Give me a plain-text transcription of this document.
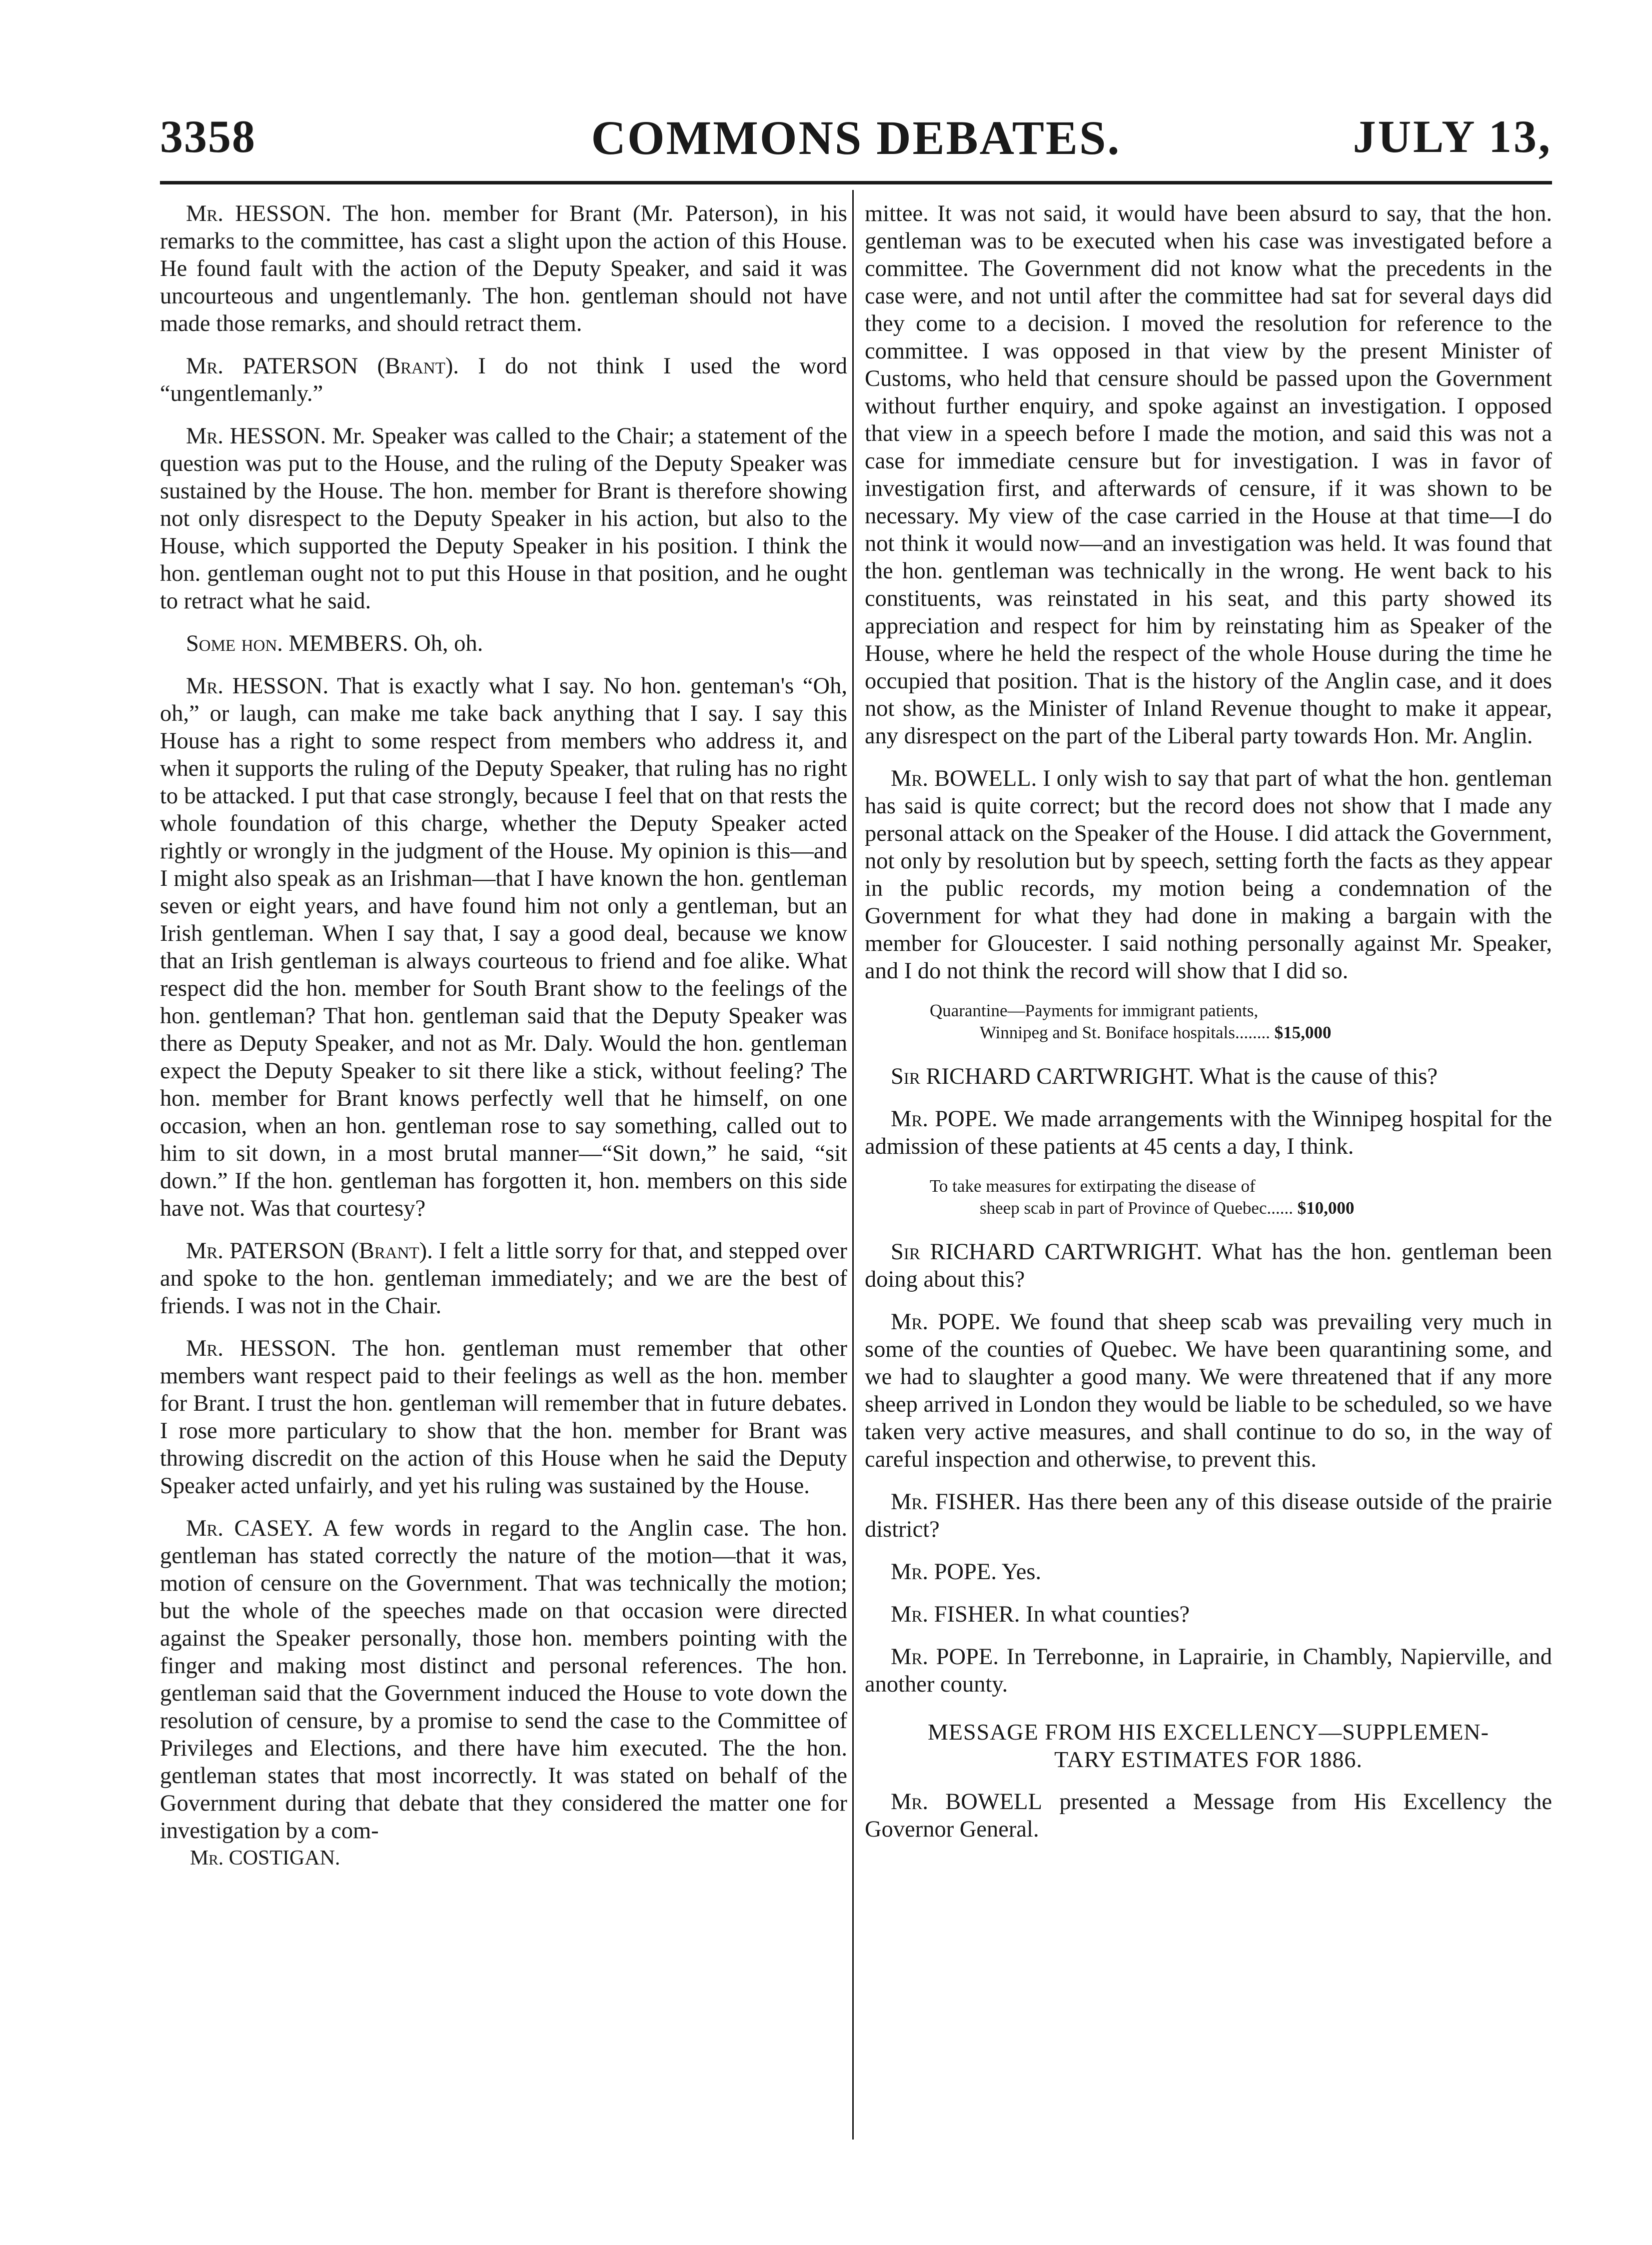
3358	COMMONS DEBATES.	JULY 13,

Mr. HESSON. The hon. member for Brant (Mr. Paterson), in his remarks to the committee, has cast a slight upon the action of this House. He found fault with the action of the Deputy Speaker, and said it was uncourteous and ungentlemanly. The hon. gentleman should not have made those remarks, and should retract them.

Mr. PATERSON (Brant). I do not think I used the word “ungentlemanly.”

Mr. HESSON. Mr. Speaker was called to the Chair; a statement of the question was put to the House, and the ruling of the Deputy Speaker was sustained by the House. The hon. member for Brant is therefore showing not only disrespect to the Deputy Speaker in his action, but also to the House, which supported the Deputy Speaker in his position. I think the hon. gentleman ought not to put this House in that position, and he ought to retract what he said.

Some hon. MEMBERS. Oh, oh.

Mr. HESSON. That is exactly what I say. No hon. genteman's “Oh, oh,” or laugh, can make me take back anything that I say. I say this House has a right to some respect from members who address it, and when it supports the ruling of the Deputy Speaker, that ruling has no right to be attacked. I put that case strongly, because I feel that on that rests the whole foundation of this charge, whether the Deputy Speaker acted rightly or wrongly in the judgment of the House. My opinion is this—and I might also speak as an Irishman—that I have known the hon. gentleman seven or eight years, and have found him not only a gentleman, but an Irish gentleman. When I say that, I say a good deal, because we know that an Irish gentleman is always courteous to friend and foe alike. What respect did the hon. member for South Brant show to the feelings of the hon. gentleman? That hon. gentleman said that the Deputy Speaker was there as Deputy Speaker, and not as Mr. Daly. Would the hon. gentleman expect the Deputy Speaker to sit there like a stick, without feeling? The hon. member for Brant knows perfectly well that he himself, on one occasion, when an hon. gentleman rose to say something, called out to him to sit down, in a most brutal manner—“Sit down,” he said, “sit down.” If the hon. gentleman has forgotten it, hon. members on this side have not. Was that courtesy?

Mr. PATERSON (Brant). I felt a little sorry for that, and stepped over and spoke to the hon. gentleman immediately; and we are the best of friends. I was not in the Chair.

Mr. HESSON. The hon. gentleman must remember that other members want respect paid to their feelings as well as the hon. member for Brant. I trust the hon. gentleman will remember that in future debates. I rose more particulary to show that the hon. member for Brant was throwing discredit on the action of this House when he said the Deputy Speaker acted unfairly, and yet his ruling was sustained by the House.

Mr. CASEY. A few words in regard to the Anglin case. The hon. gentleman has stated correctly the nature of the motion—that it was, motion of censure on the Government. That was technically the motion; but the whole of the speeches made on that occasion were directed against the Speaker personally, those hon. members pointing with the finger and making most distinct and personal references. The hon. gentleman said that the Government induced the House to vote down the resolution of censure, by a promise to send the case to the Committee of Privileges and Elections, and there have him executed. The the hon. gentleman states that most incorrectly. It was stated on behalf of the Government during that debate that they considered the matter one for investigation by a com-

Mr. COSTIGAN.

mittee. It was not said, it would have been absurd to say, that the hon. gentleman was to be executed when his case was investigated before a committee. The Government did not know what the precedents in the case were, and not until after the committee had sat for several days did they come to a decision. I moved the resolution for reference to the committee. I was opposed in that view by the present Minister of Customs, who held that censure should be passed upon the Government without further enquiry, and spoke against an investigation. I opposed that view in a speech before I made the motion, and said this was not a case for immediate censure but for investigation. I was in favor of investigation first, and afterwards of censure, if it was shown to be necessary. My view of the case carried in the House at that time—I do not think it would now—and an investigation was held. It was found that the hon. gentleman was technically in the wrong. He went back to his constituents, was reinstated in his seat, and this party showed its appreciation and respect for him by reinstating him as Speaker of the House, where he held the respect of the whole House during the time he occupied that position. That is the history of the Anglin case, and it does not show, as the Minister of Inland Revenue thought to make it appear, any disrespect on the part of the Liberal party towards Hon. Mr. Anglin.

Mr. BOWELL. I only wish to say that part of what the hon. gentleman has said is quite correct; but the record does not show that I made any personal attack on the Speaker of the House. I did attack the Government, not only by resolution but by speech, setting forth the facts as they appear in the public records, my motion being a condemnation of the Government for what they had done in making a bargain with the member for Gloucester. I said nothing personally against Mr. Speaker, and I do not think the record will show that I did so.

Quarantine—Payments for immigrant patients,
Winnipeg and St. Boniface hospitals........ $15,000

Sir RICHARD CARTWRIGHT. What is the cause of this?

Mr. POPE. We made arrangements with the Winnipeg hospital for the admission of these patients at 45 cents a day, I think.

To take measures for extirpating the disease of
sheep scab in part of Province of Quebec...... $10,000

Sir RICHARD CARTWRIGHT. What has the hon. gentleman been doing about this?

Mr. POPE. We found that sheep scab was prevailing very much in some of the counties of Quebec. We have been quarantining some, and we had to slaughter a good many. We were threatened that if any more sheep arrived in London they would be liable to be scheduled, so we have taken very active measures, and shall continue to do so, in the way of careful inspection and otherwise, to prevent this.

Mr. FISHER. Has there been any of this disease outside of the prairie district?

Mr. POPE. Yes.

Mr. FISHER. In what counties?

Mr. POPE. In Terrebonne, in Laprairie, in Chambly, Napierville, and another county.

MESSAGE FROM HIS EXCELLENCY—SUPPLEMEN-
TARY ESTIMATES FOR 1886.

Mr. BOWELL presented a Message from His Excellency the Governor General.
